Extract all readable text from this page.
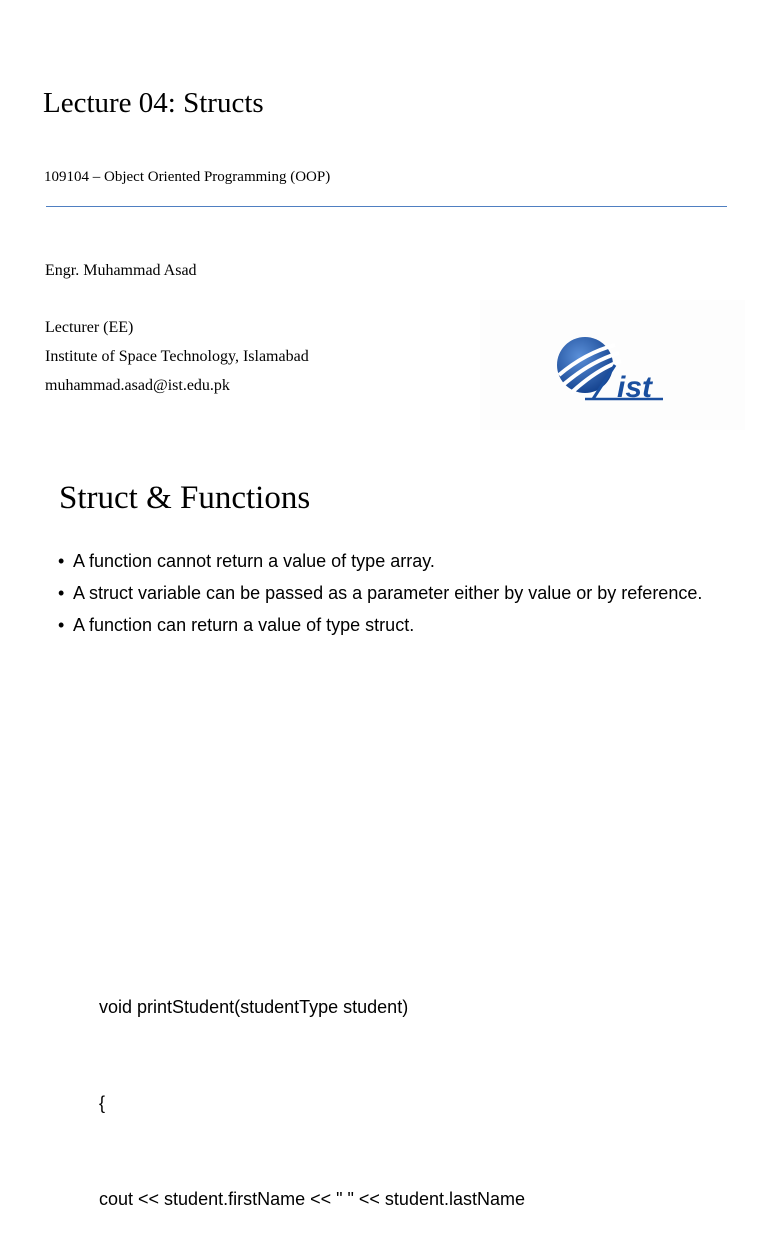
Lecture 04: Structs
109104 – Object Oriented Programming (OOP)
Engr. Muhammad Asad
Lecturer (EE)
Institute of Space Technology, Islamabad
muhammad.asad@ist.edu.pk	ist
Struct & Functions
• A function cannot return a value of type array.
• A struct variable can be passed as a parameter either by value or by reference.
• A function can return a value of type struct.

void printStudent(studentType student)

{

cout << student.firstName << " " << student.lastName
